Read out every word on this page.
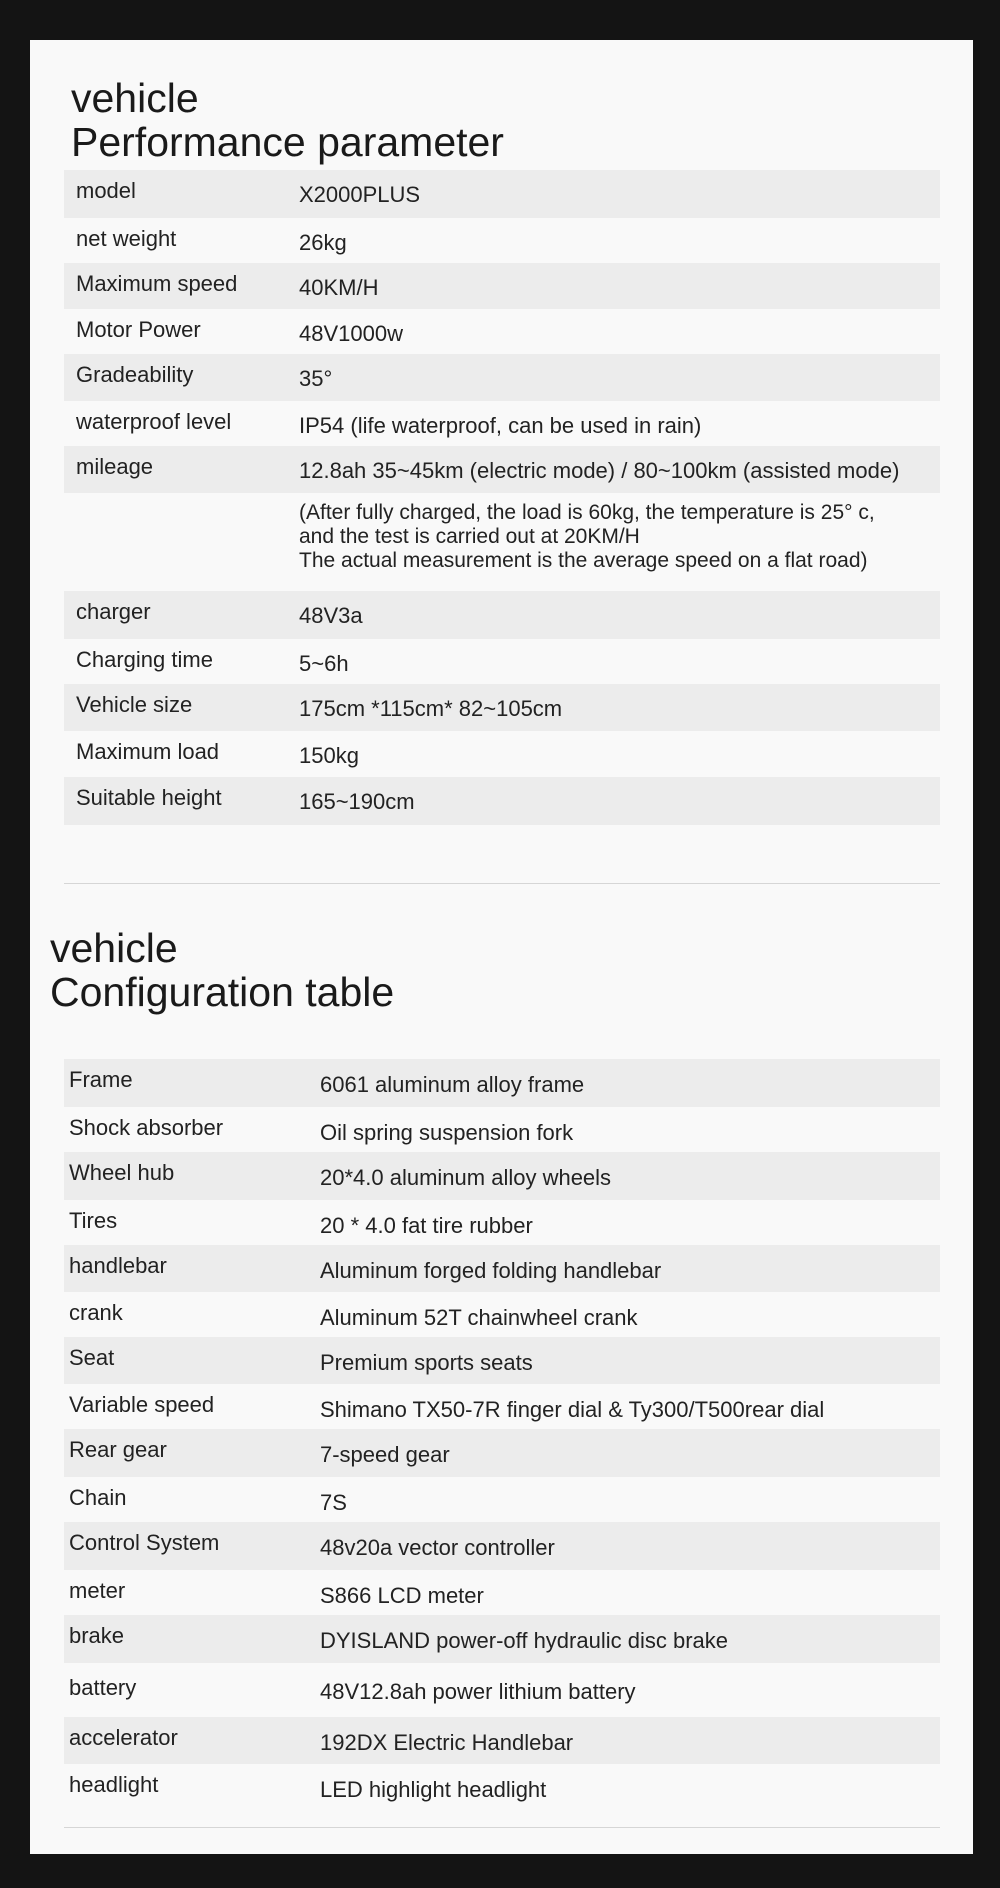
vehicle
Performance parameter
model	X2000PLUS
net weight	26kg
Maximum speed	40KM/H
Motor Power	48V1000w
Gradeability	35°
waterproof level	IP54 (life waterproof, can be used in rain)
mileage	12.8ah 35~45km (electric mode) / 80~100km (assisted mode)
(After fully charged, the load is 60kg, the temperature is 25° c,
and the test is carried out at 20KM/H
The actual measurement is the average speed on a flat road)
charger	48V3a
Charging time	5~6h
Vehicle size	175cm *115cm* 82~105cm
Maximum load	150kg
Suitable height	165~190cm
vehicle
Configuration table
Frame	6061 aluminum alloy frame
Shock absorber	Oil spring suspension fork
Wheel hub	20*4.0 aluminum alloy wheels
Tires	20 * 4.0 fat tire rubber
handlebar	Aluminum forged folding handlebar
crank	Aluminum 52T chainwheel crank
Seat	Premium sports seats
Variable speed	Shimano TX50-7R finger dial & Ty300/T500rear dial
Rear gear	7-speed gear
Chain	7S
Control System	48v20a vector controller
meter	S866 LCD meter
brake	DYISLAND power-off hydraulic disc brake
battery	48V12.8ah power lithium battery
accelerator	192DX Electric Handlebar
headlight	LED highlight headlight
